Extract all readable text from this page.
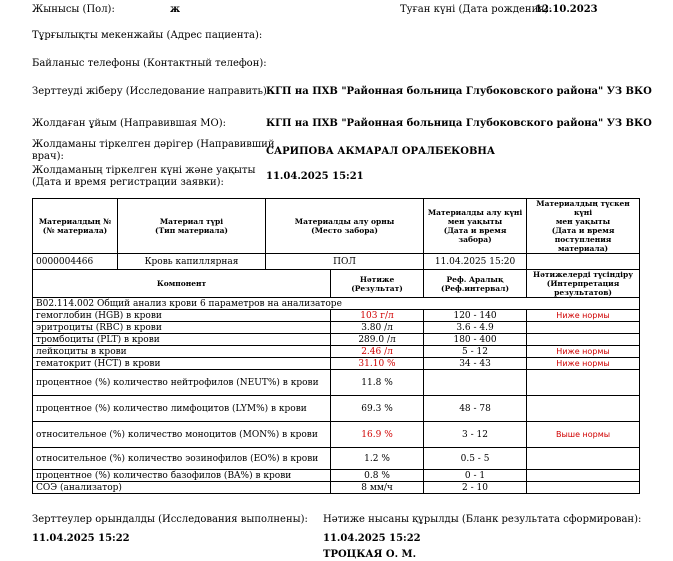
Жынысы (Пол):	ж	Туған күні (Дата рождения):
12.10.2023
Тұрғылықты мекенжайы (Адрес пациента):
Байланыс телефоны (Контактный телефон):
Зерттеуді жіберу (Исследование направить):
КГП на ПХВ "Районная больница Глубоковского района" УЗ ВКО
Жолдаған ұйым (Направившая МО):	КГП на ПХВ "Районная больница Глубоковского района" УЗ ВКО
Жолдаманы тіркелген дәрігер (Направивший
врач):	САРИПОВА АКМАРАЛ ОРАЛБЕКОВНА
Жолдаманың тіркелген күні және уақыты
(Дата и время регистрации заявки):
11.04.2025 15:21
Материалдың №
(№ материала)	Материал түрі
(Тип материала)	Материалды алу орны
(Место забора)		Материалды алу күні
мен уақыты
(Дата и время забора)	Материалдың түскен күні
мен уақыты
(Дата и время поступления
материала)
0000004466	Кровь капиллярная	ПОЛ		11.04.2025 15:20	
Компонент			Нәтиже
(Результат)	Реф. Аралық
(Реф.интервал)	Нәтижелерді түсіндіру
(Интерпретация результатов)
B02.114.002 Общий анализ крови 6 параметров на анализаторе					
гемоглобин (HGB) в крови			103 г/л	120 - 140	Ниже нормы
эритроциты (RBC) в крови			3.80 /л	3.6 - 4.9	
тромбоциты (PLT) в крови			289.0 /л	180 - 400	
лейкоциты в крови			2.46 /л	5 - 12	Ниже нормы
гематокрит (HCT) в крови			31.10 %	34 - 43	Ниже нормы
процентное (%) количество нейтрофилов (NEUT%) в крови			11.8 %		
процентное (%) количество лимфоцитов (LYM%) в крови			69.3 %	48 - 78	
относительное (%) количество моноцитов (MON%) в крови			16.9 %	3 - 12	Выше нормы
относительное (%) количество эозинофилов (EO%) в крови			1.2 %	0.5 - 5	
процентное (%) количество базофилов (BA%) в крови			0.8 %	0 - 1	
СОЭ (анализатор)			8 мм/ч	2 - 10	
Зерттеулер орындалды (Исследования выполнены):
11.04.2025 15:22
Нәтиже нысаны құрылды (Бланк результата сформирован):
11.04.2025 15:22
ТРОЦКАЯ О. М.
